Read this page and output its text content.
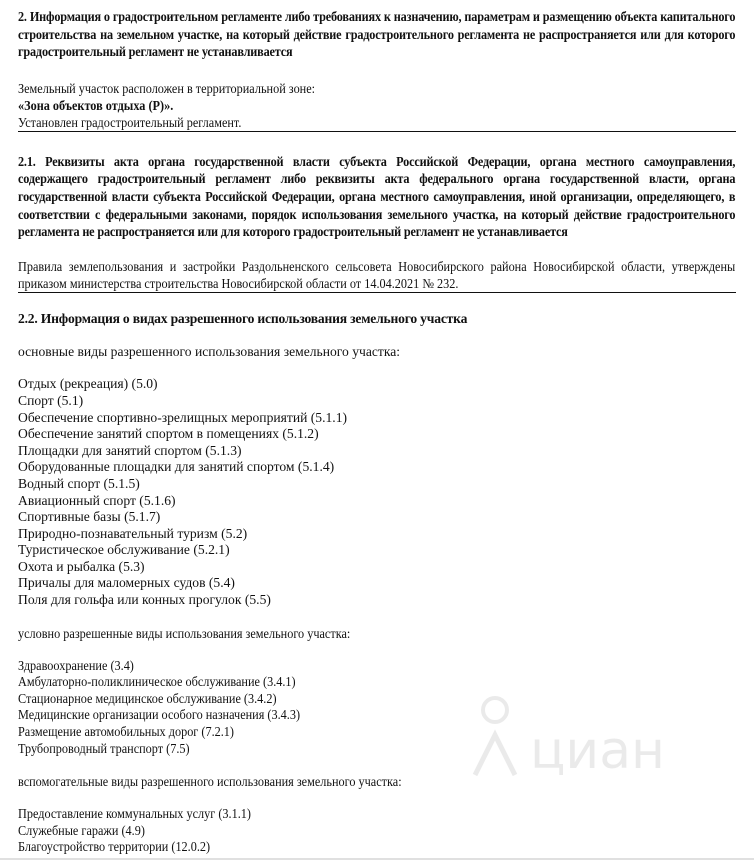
2. Информация о градостроительном регламенте либо требованиях к назначению, параметрам и размещению объекта капитального строительства на земельном участке, на который действие градостроительного регламента не распространяется или для которого градостроительный регламент не устанавливается
Земельный участок расположен в территориальной зоне:
«Зона объектов отдыха (Р)».
Установлен градостроительный регламент.
2.1. Реквизиты акта органа государственной власти субъекта Российской Федерации, органа местного самоуправления, содержащего градостроительный регламент либо реквизиты акта федерального органа государственной власти, органа государственной власти субъекта Российской Федерации, органа местного самоуправления, иной организации, определяющего, в соответствии с федеральными законами, порядок использования земельного участка, на который действие градостроительного регламента не распространяется или для которого градостроительный регламент не устанавливается
Правила землепользования и застройки Раздольненского сельсовета Новосибирского района Новосибирской области, утверждены приказом министерства строительства Новосибирской области от 14.04.2021 № 232.
2.2. Информация о видах разрешенного использования земельного участка
основные виды разрешенного использования земельного участка:
Отдых (рекреация) (5.0)
Спорт (5.1)
Обеспечение спортивно-зрелищных мероприятий (5.1.1)
Обеспечение занятий спортом в помещениях (5.1.2)
Площадки для занятий спортом (5.1.3)
Оборудованные площадки для занятий спортом (5.1.4)
Водный спорт (5.1.5)
Авиационный спорт (5.1.6)
Спортивные базы (5.1.7)
Природно-познавательный туризм (5.2)
Туристическое обслуживание (5.2.1)
Охота и рыбалка (5.3)
Причалы для маломерных судов (5.4)
Поля для гольфа или конных прогулок (5.5)
условно разрешенные виды использования земельного участка:
Здравоохранение (3.4)
Амбулаторно-поликлиническое обслуживание (3.4.1)
Стационарное медицинское обслуживание (3.4.2)
Медицинские организации особого назначения (3.4.3)
Размещение автомобильных дорог (7.2.1)
Трубопроводный транспорт (7.5)
вспомогательные виды разрешенного использования земельного участка:
Предоставление коммунальных услуг (3.1.1)
Служебные гаражи (4.9)
Благоустройство территории (12.0.2)
циан
